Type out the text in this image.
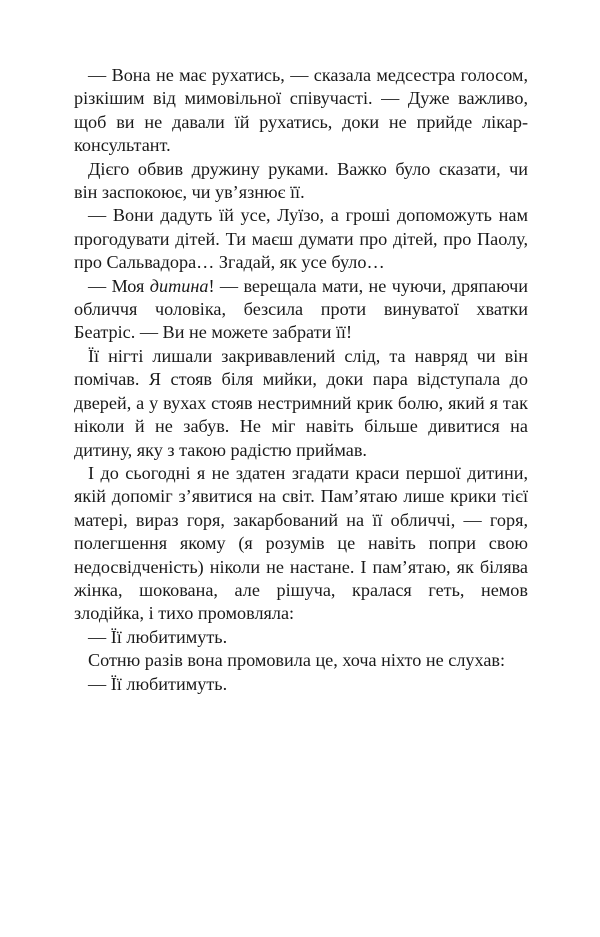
— Вона не має рухатись, — сказала медсестра голосом, різкішим від мимовільної співучасті. — Дуже важливо, щоб ви не давали їй рухатись, доки не прийде лікар-консультант.

Дієго обвив дружину руками. Важко було сказати, чи він заспокоює, чи ув’язнює її.

— Вони дадуть їй усе, Луїзо, а гроші допоможуть нам прогодувати дітей. Ти маєш думати про дітей, про Паолу, про Сальвадора… Згадай, як усе було…

— Моя дитина! — верещала мати, не чуючи, дряпаючи обличчя чоловіка, безсила проти винуватої хватки Беатріс. — Ви не можете забрати її!

Її нігті лишали закривавлений слід, та навряд чи він помічав. Я стояв біля мийки, доки пара відступала до дверей, а у вухах стояв нестримний крик болю, який я так ніколи й не забув. Не міг навіть більше дивитися на дитину, яку з такою радістю приймав.

І до сьогодні я не здатен згадати краси першої дитини, якій допоміг з’явитися на світ. Пам’ятаю лише крики тієї матері, вираз горя, закарбований на її обличчі, — горя, полегшення якому (я розумів це навіть попри свою недосвідченість) ніколи не настане. І пам’ятаю, як білява жінка, шокована, але рішуча, кралася геть, немов злодійка, і тихо промовляла:

— Її любитимуть.

Сотню разів вона промовила це, хоча ніхто не слухав:

— Її любитимуть.
